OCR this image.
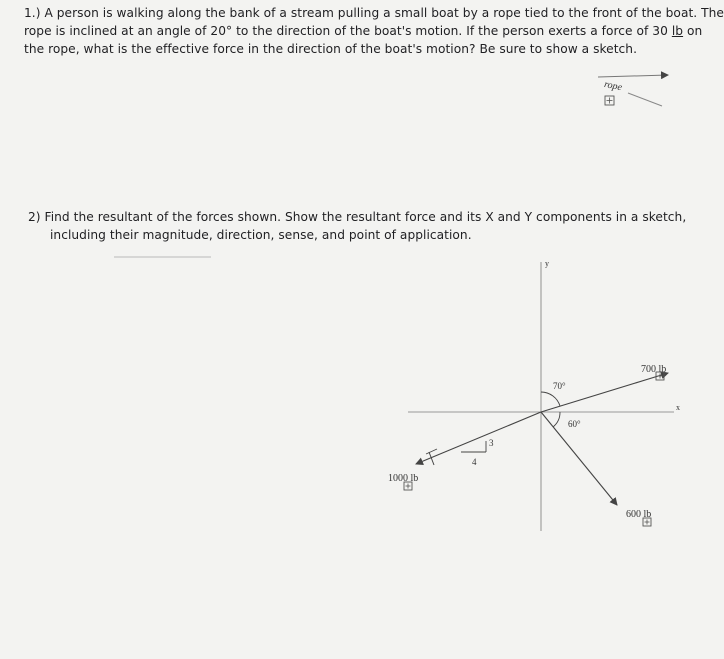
1.) A person is walking along the bank of a stream pulling a small boat by a rope tied to the front of the boat. The

rope is inclined at an angle of 20° to the direction of the boat's motion. If the person exerts a force of 30 lb on

the rope, what is the effective force in the direction of the boat's motion? Be sure to show a sketch.

2) Find the resultant of the forces shown. Show the resultant force and its X and Y components in a sketch,

including their magnitude, direction, sense, and point of application.

rope
y
x
700 lb
600 lb
1000 lb
3
4
70°
60°
